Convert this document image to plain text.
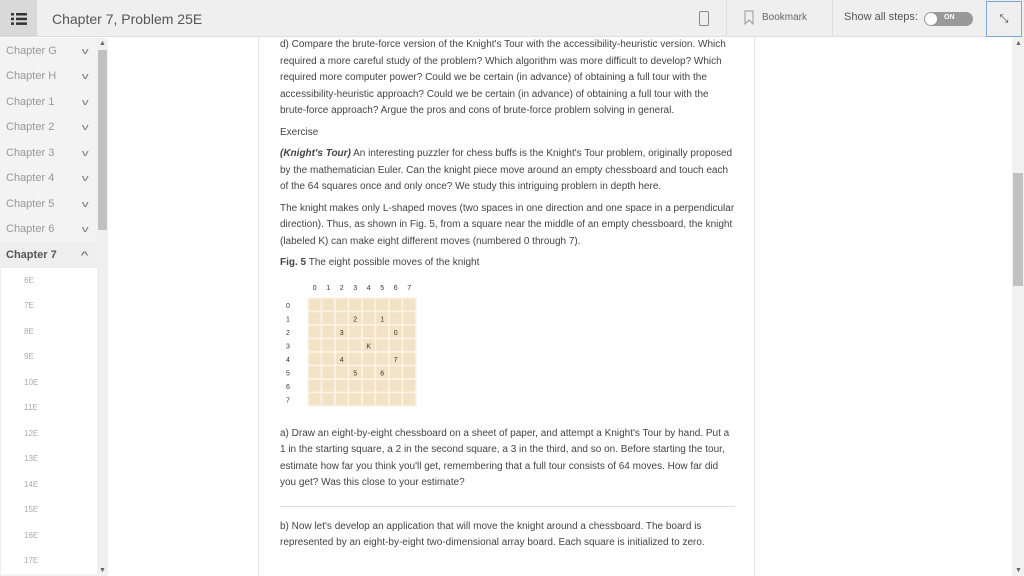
Chapter 7, Problem 25E	Bookmark	Show all steps:	ON	⤡
Chapter G	v
Chapter H	v
Chapter 1	v
Chapter 2	v
Chapter 3	v
Chapter 4	v
Chapter 5	v
Chapter 6	v
Chapter 7	^
6E
7E
8E
9E
10E
11E
12E
13E
14E
15E
16E
17E
▲
▼

d) Compare the brute-force version of the Knight's Tour with the accessibility-heuristic version. Which required a more careful study of the problem? Which algorithm was more difficult to develop? Which required more computer power? Could we be certain (in advance) of obtaining a full tour with the accessibility-heuristic approach? Could we be certain (in advance) of obtaining a full tour with the brute-force approach? Argue the pros and cons of brute-force problem solving in general.

Exercise

(Knight's Tour) An interesting puzzler for chess buffs is the Knight's Tour problem, originally proposed by the mathematician Euler. Can the knight piece move around an empty chessboard and touch each of the 64 squares once and only once? We study this intriguing problem in depth here.

The knight makes only L-shaped moves (two spaces in one direction and one space in a perpendicular direction). Thus, as shown in Fig. 5, from a square near the middle of an empty chessboard, the knight (labeled K) can make eight different moves (numbered 0 through 7).

Fig. 5 The eight possible moves of the knight

0 1 2 3 4 5 6 7
0
1
2
3
4
5
6
7
2	1
3	0
K
4	7
5	6

a) Draw an eight-by-eight chessboard on a sheet of paper, and attempt a Knight's Tour by hand. Put a 1 in the starting square, a 2 in the second square, a 3 in the third, and so on. Before starting the tour, estimate how far you think you'll get, remembering that a full tour consists of 64 moves. How far did you get? Was this close to your estimate?

b) Now let's develop an application that will move the knight around a chessboard. The board is represented by an eight-by-eight two-dimensional array board. Each square is initialized to zero.

▲
▼
